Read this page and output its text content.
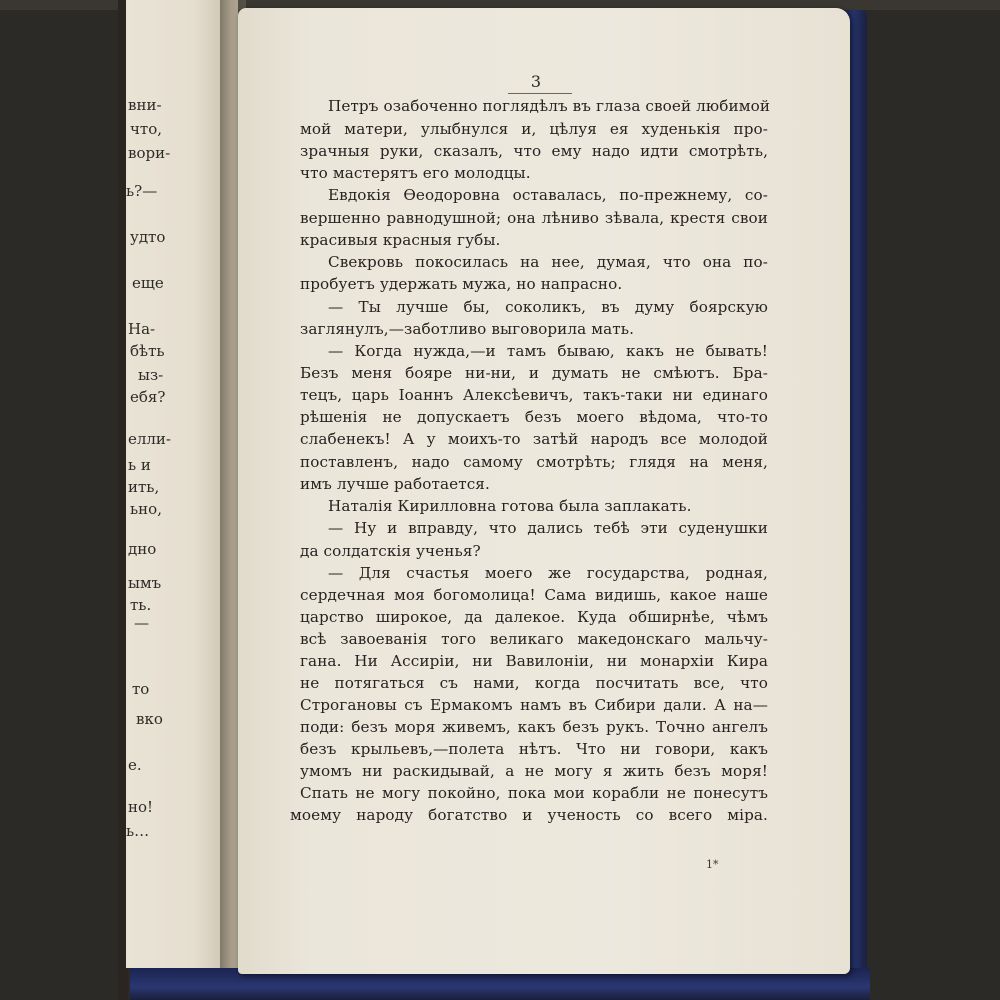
вни-
что,
вори-
ь?—
удто
еще
На-
бѣть
ыз-
ебя?
елли-
ь и
ить,
ьно,
дно
ымъ
ть.
—
то
вко
е.
но!
ь…
3
Петръ озабоченно поглядѣлъ въ глаза своей любимой
мой матери, улыбнулся и, цѣлуя ея худенькія про-
зрачныя руки, сказалъ, что ему надо идти смотрѣть,
что мастерятъ его молодцы.
Евдокія Ѳеодоровна оставалась, по-прежнему, со-
вершенно равнодушной; она лѣниво зѣвала, крестя свои
красивыя красныя губы.
Свекровь покосилась на нее, думая, что она по-
пробуетъ удержать мужа, но напрасно.
— Ты лучше бы, соколикъ, въ думу боярскую
заглянулъ,—заботливо выговорила мать.
— Когда нужда,—и тамъ бываю, какъ не бывать!
Безъ меня бояре ни-ни, и думать не смѣютъ. Бра-
тецъ, царь Іоаннъ Алексѣевичъ, такъ-таки ни единаго
рѣшенія не допускаетъ безъ моего вѣдома, что-то
слабенекъ! А у моихъ-то затѣй народъ все молодой
поставленъ, надо самому смотрѣть; глядя на меня,
имъ лучше работается.
Наталія Кирилловна готова была заплакать.
— Ну и вправду, что дались тебѣ эти суденушки
да солдатскія ученья?
— Для счастья моего же государства, родная,
сердечная моя богомолица! Сама видишь, какое наше
царство широкое, да далекое. Куда обширнѣе, чѣмъ
всѣ завоеванія того великаго македонскаго мальчу-
гана. Ни Ассиріи, ни Вавилоніи, ни монархіи Кира
не потягаться съ нами, когда посчитать все, что
Строгановы съ Ермакомъ намъ въ Сибири дали. А на—
поди: безъ моря живемъ, какъ безъ рукъ. Точно ангелъ
безъ крыльевъ,—полета нѣтъ. Что ни говори, какъ
умомъ ни раскидывай, а не могу я жить безъ моря!
Спать не могу покойно, пока мои корабли не понесутъ
моему народу богатство и ученость со всего міра.
1*
